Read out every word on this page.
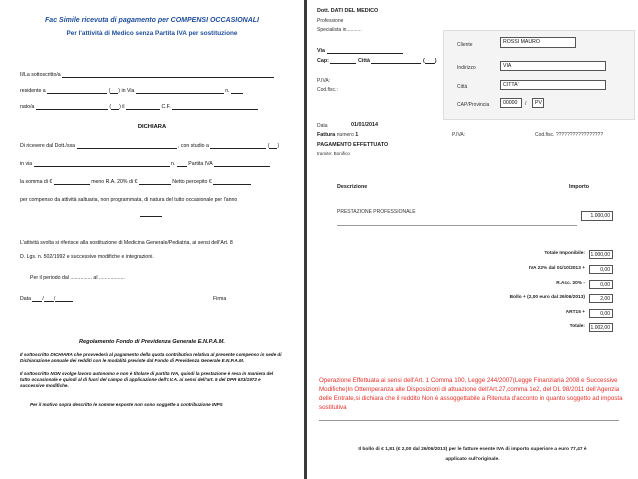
Fac Simile ricevuta di pagamento per COMPENSI OCCASIONALI
Per l'attività di Medico senza Partita IVA per sostituzione
Il/La sottoscritto/a
residente a	( ) in Via	n.
nato/a	( ) il	C.F.
DICHIARA
Di ricevere dal Dott./ssa	, con studio a	( )
in via	n. Partita IVA
la somma di €	meno R.A. 20% di €	Netto percepito €
per compenso da attività saltuaria, non programmata, di natura del tutto occasionale per l'anno
L'attività svolta si riferisce alla sostituzione di Medicina Generale/Pediatria, ai sensi dell'Art. 8
D. Lgs. n. 502/1992 e successive modifiche e integrazioni.
Per il periodo dal ............... al ..................
Data / /	Firma
Regolamento Fondo di Previdenza Generale E.N.P.A.M.
Il sottoscritto DICHIARA che provvederà al pagamento della quota contributiva relativa al presente compenso in sede di Dichiarazione annuale dei redditi con le modalità previste dal Fondo di Previdenza Generale E.N.P.A.M.
Il sottoscritto NON svolge lavoro autonomo e non è titolare di partita IVA, quindi la prestazione è resa in maniera del tutto occasionale e quindi al di fuori del campo di applicazione dell'I.V.A. ai sensi dell'art. 5 del DPR 633/1972 e successive modifiche.
Per il motivo sopra descritto le somme esposte non sono soggette a contribuzione INPS
Dott. DATI DEL MEDICO
Professione
Specialista in...........
Via
Cap:	Città	( )
P.IVA:
Cod.fisc.:
Cliente	ROSSI MAURO
Indirizzo	VIA
Città	CITTA'
CAP/Provincia	00000	/	PV
Data	01/01/2014
Fattura numero 1	P.IVA:	Cod.fisc. ?????????????????
PAGAMENTO EFFETTUATO
tramite: Bonifico
Descrizione	Importo
PRESTAZIONE PROFESSIONALE
1.000,00
Totale Imponibile:	1.000,00
IVA 22% dal 01/10/2013 +	0,00
R.Acc. 20% -	0,00
Bollo + (2,00 euro dal 26/06/2013)	2,00
ART15 +	0,00
Totale:	1.002,00
Operazione Effettuata ai sensi dell'Art. 1 Comma 100, Legge 244/2007(Legge Finanziaria 2008 e Successive Modifiche)In Ottemperanza alle Disposizioni di attuazione dell'Art.27,comma 1e2, del DL 98/2011 dell'Agenzia delle Entrate,si dichiara che il reddito Non è assoggettabile a Ritenuta d'acconto in quanto soggetto ad imposta sostitutiva
Il bollo di € 1,81 (€ 2,00 dal 26/06/2013) per le fatture esente IVA di importo superiore a euro 77,47 è
applicato sull'originale.
